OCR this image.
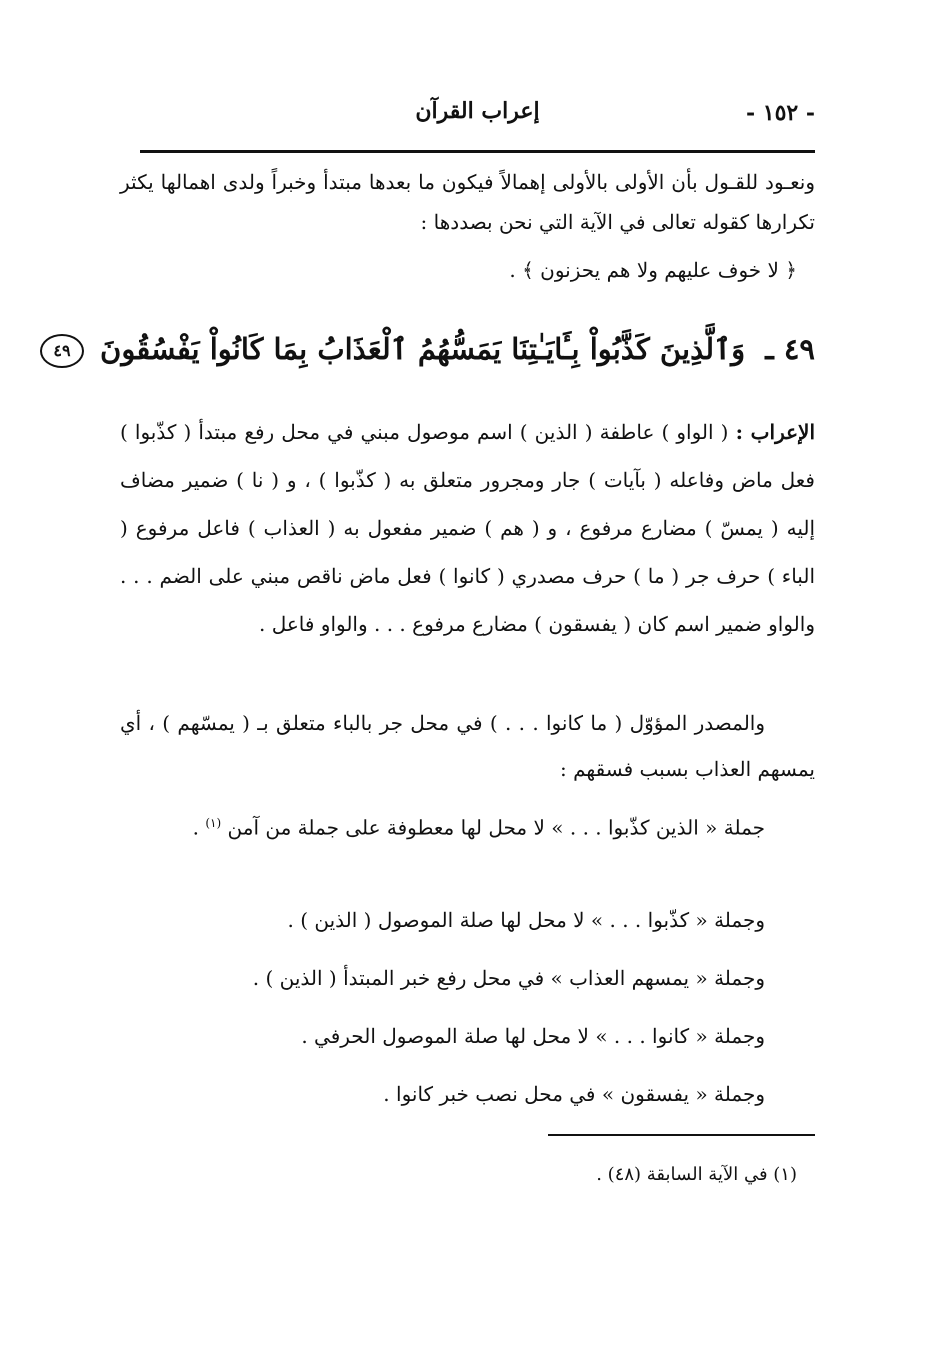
- ١٥٢ -
إعراب القرآن
ونعـود للقـول بأن الأولى بالأولى إهمالاً فيكون ما بعدها مبتدأ وخبراً ولدى اهمالها يكثر تكرارها كقوله تعالى في الآية التي نحن بصددها :
﴿ لا خوف عليهم ولا هم يحزنون ﴾ .
٤٩ ـ وَٱلَّذِينَ كَذَّبُواْ بِـَٔايَـٰتِنَا يَمَسُّهُمُ ٱلْعَذَابُ بِمَا كَانُواْ يَفْسُقُونَ ٤٩
الإعراب : ( الواو ) عاطفة ( الذين ) اسم موصول مبني في محل رفع مبتدأ ( كذّبوا ) فعل ماض وفاعله ( بآيات ) جار ومجرور متعلق به ( كذّبوا ) ، و ( نا ) ضمير مضاف إليه ( يمسّ ) مضارع مرفوع ، و ( هم ) ضمير مفعول به ( العذاب ) فاعل مرفوع ( الباء ) حرف جر ( ما ) حرف مصدري ( كانوا ) فعل ماض ناقص مبني على الضم . . . والواو ضمير اسم كان ( يفسقون ) مضارع مرفوع . . . والواو فاعل .
والمصدر المؤوّل ( ما كانوا . . . ) في محل جر بالباء متعلق بـ ( يمسّهم ) ، أي يمسهم العذاب بسبب فسقهم :
جملة « الذين كذّبوا . . . » لا محل لها معطوفة على جملة من آمن $^{(١)}$ .
وجملة « كذّبوا . . . » لا محل لها صلة الموصول ( الذين ) .
وجملة « يمسهم العذاب » في محل رفع خبر المبتدأ ( الذين ) .
وجملة « كانوا . . . » لا محل لها صلة الموصول الحرفي .
وجملة « يفسقون » في محل نصب خبر كانوا .
(١) في الآية السابقة (٤٨) .
